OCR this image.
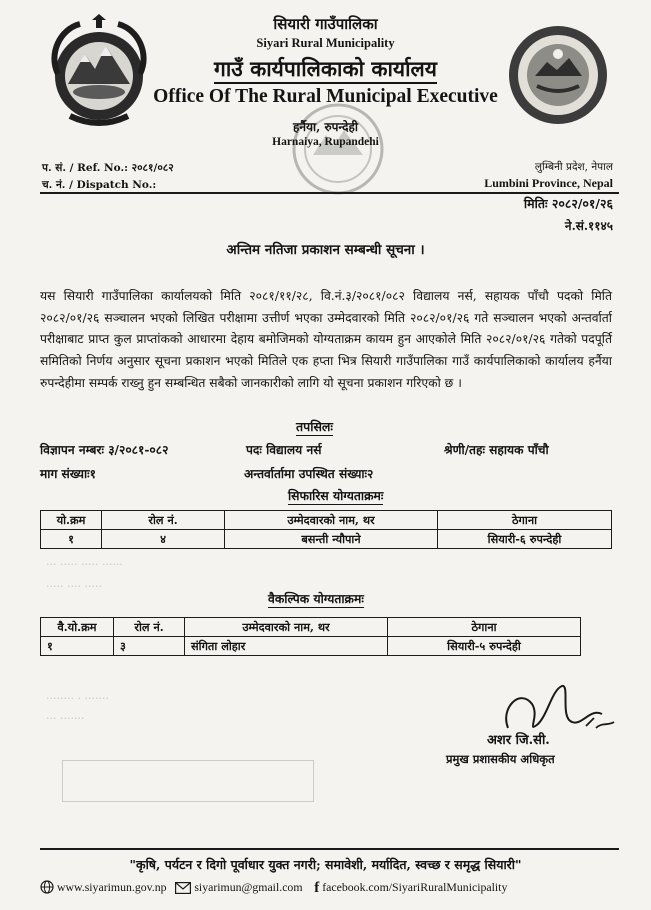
सियारी गाउँपालिका
Siyari Rural Municipality
गाउँ कार्यपालिकाको कार्यालय
Office Of The Rural Municipal Executive
हर्नैया, रुपन्देही
Harnaiya, Rupandehi
प. सं. / Ref. No.: २०८१/०८२
च. नं. / Dispatch No.:
लुम्बिनी प्रदेश, नेपाल
Lumbini Province, Nepal
मितिः २०८२/०१/२६
ने.सं.११४५
अन्तिम नतिजा प्रकाशन सम्बन्धी सूचना ।
यस सियारी गाउँपालिका कार्यालयको मिति २०८१/११/२८, वि.नं.३/२०८१/०८२ विद्यालय नर्स, सहायक पाँचौ पदको मिति २०८२/०१/२६ सञ्चालन भएको लिखित परीक्षामा उत्तीर्ण भएका उम्मेदवारको मिति २०८२/०१/२६ गते सञ्चालन भएको अन्तर्वार्ता परीक्षाबाट प्राप्त कुल प्राप्तांकको आधारमा देहाय बमोजिमको योग्यताक्रम कायम हुन आएकोले मिति २०८२/०१/२६ गतेको पदपूर्ति समितिको निर्णय अनुसार सूचना प्रकाशन भएको मितिले एक हप्ता भित्र सियारी गाउँपालिका गाउँ कार्यपालिकाको कार्यालय हर्नैया रुपन्देहीमा सम्पर्क राख्नु हुन सम्बन्धित सबैको जानकारीको लागि यो सूचना प्रकाशन गरिएको छ ।
तपसिलः
विज्ञापन नम्बरः ३/२०८१-०८२	पदः विद्यालय नर्स	श्रेणी/तहः सहायक पाँचौ
माग संख्याः१	अन्तर्वार्तामा उपस्थित संख्याः२
सिफारिस योग्यताक्रमः
यो.क्रम	रोल नं.	उम्मेदवारको नाम, थर	ठेगाना
१	४	बसन्ती न्यौपाने	सियारी-६ रुपन्देही
··· ····· ····· ······
····· ···· ·····
वैकल्पिक योग्यताक्रमः
वै.यो.क्रम	रोल नं.	उम्मेदवारको नाम, थर	ठेगाना
१	३	संगिता लोहार	सियारी-५ रुपन्देही
········ · ·······
··· ·······
अशर जि.सी.
प्रमुख प्रशासकीय अधिकृत
"कृषि, पर्यटन र दिगो पूर्वाधार युक्त नगरी; समावेशी, मर्यादित, स्वच्छ र समृद्ध सियारी"
www.siyarimun.gov.np siyarimun@gmail.com f facebook.com/SiyariRuralMunicipality
